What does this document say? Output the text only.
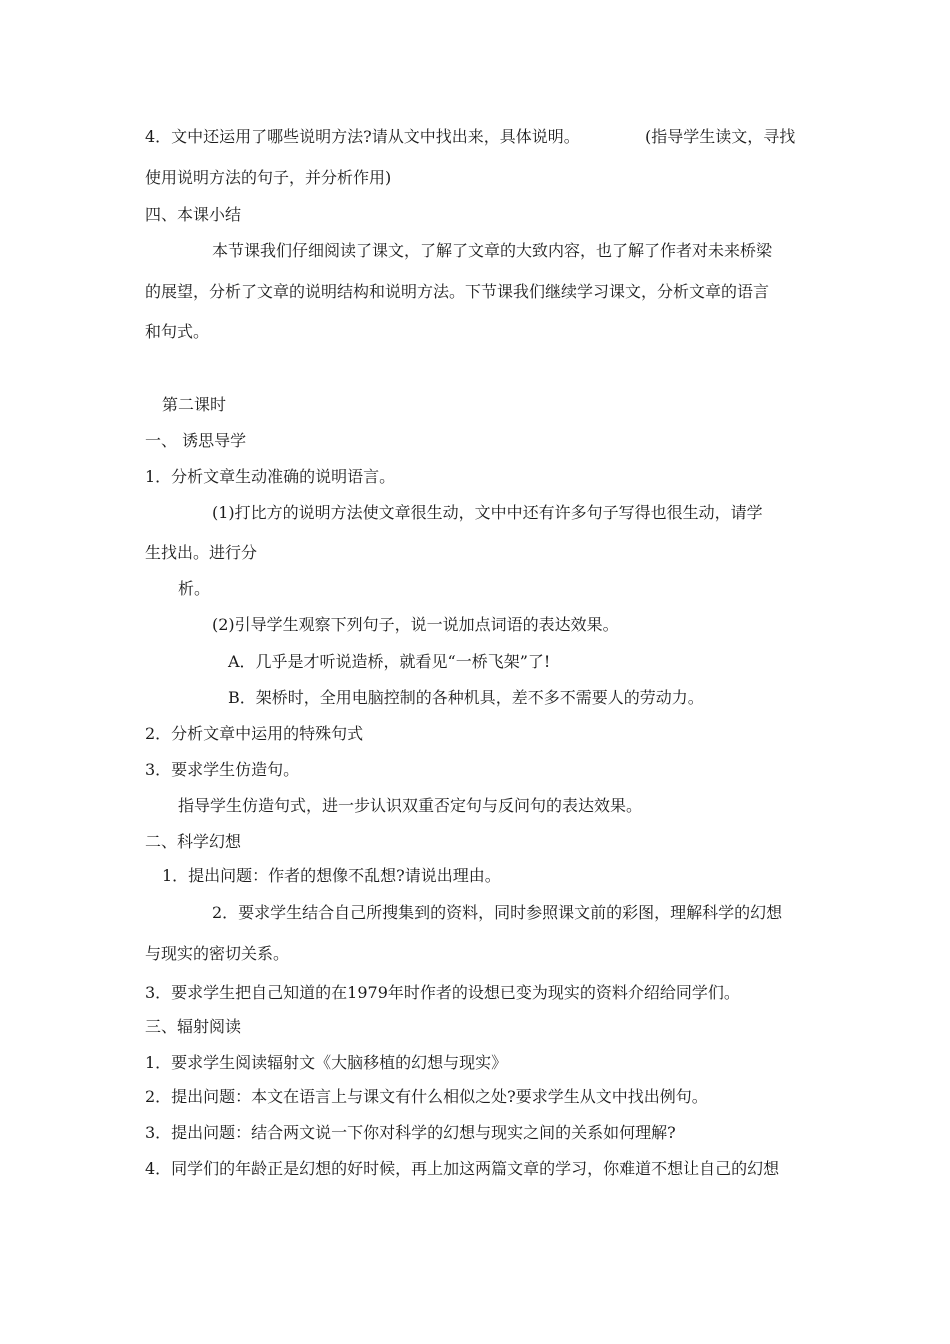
4．文中还运用了哪些说明方法?请从文中找出来，具体说明。	(指导学生读文，寻找
使用说明方法的句子，并分析作用)
四、本课小结
本节课我们仔细阅读了课文，了解了文章的大致内容，也了解了作者对未来桥梁
的展望，分析了文章的说明结构和说明方法。下节课我们继续学习课文，分析文章的语言
和句式。
第二课时
一、 诱思导学
1．分析文章生动准确的说明语言。
(1)打比方的说明方法使文章很生动，文中中还有许多句子写得也很生动，请学
生找出。进行分
析。
(2)引导学生观察下列句子，说一说加点词语的表达效果。
A．几乎是才听说造桥，就看见“一桥飞架”了!
B．架桥时，全用电脑控制的各种机具，差不多不需要人的劳动力。
2．分析文章中运用的特殊句式
3．要求学生仿造句。
指导学生仿造句式，进一步认识双重否定句与反问句的表达效果。
二、科学幻想
1．提出问题：作者的想像不乱想?请说出理由。
2．要求学生结合自己所搜集到的资料，同时参照课文前的彩图，理解科学的幻想
与现实的密切关系。
3．要求学生把自己知道的在1979年时作者的设想已变为现实的资料介绍给同学们。
三、辐射阅读
1．要求学生阅读辐射文《大脑移植的幻想与现实》
2．提出问题：本文在语言上与课文有什么相似之处?要求学生从文中找出例句。
3．提出问题：结合两文说一下你对科学的幻想与现实之间的关系如何理解?
4．同学们的年龄正是幻想的好时候，再上加这两篇文章的学习，你难道不想让自己的幻想
